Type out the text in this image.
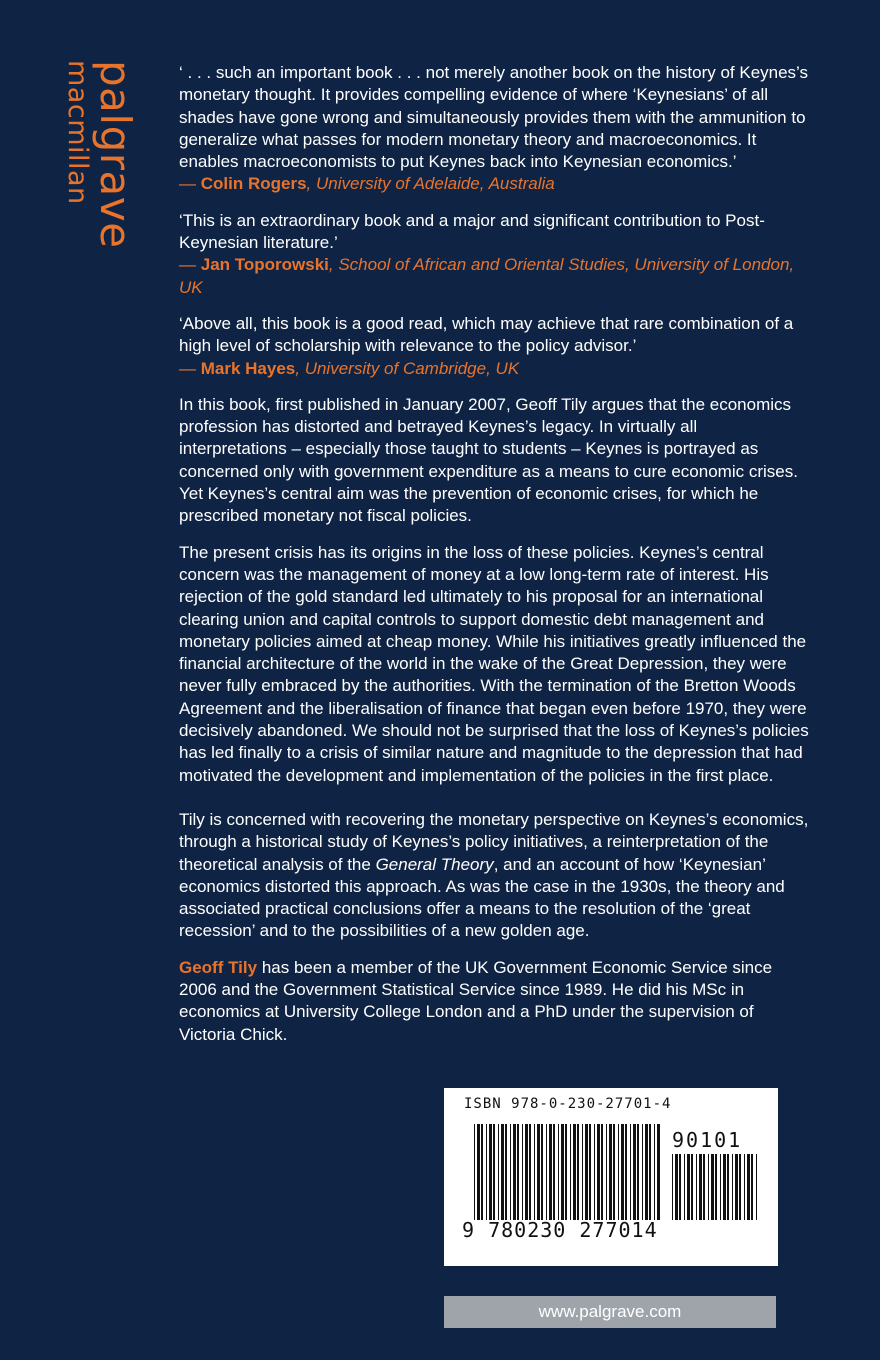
palgrave
macmillan	‘ . . . such an important book . . . not merely another book on the history of Keynes’s monetary thought. It provides compelling evidence of where ‘Keynesians’ of all shades have gone wrong and simultaneously provides them with the ammunition to generalize what passes for modern monetary theory and macroeconomics. It enables macroeconomists to put Keynes back into Keynesian economics.’
— Colin Rogers, University of Adelaide, Australia
‘This is an extraordinary book and a major and significant contribution to Post-Keynesian literature.’
— Jan Toporowski, School of African and Oriental Studies, University of London, UK
‘Above all, this book is a good read, which may achieve that rare combination of a high level of scholarship with relevance to the policy advisor.’
— Mark Hayes, University of Cambridge, UK

In this book, first published in January 2007, Geoff Tily argues that the economics profession has distorted and betrayed Keynes’s legacy. In virtually all interpretations – especially those taught to students – Keynes is portrayed as concerned only with government expenditure as a means to cure economic crises. Yet Keynes’s central aim was the prevention of economic crises, for which he prescribed monetary not fiscal policies.

The present crisis has its origins in the loss of these policies. Keynes’s central concern was the management of money at a low long-term rate of interest. His rejection of the gold standard led ultimately to his proposal for an international clearing union and capital controls to support domestic debt management and monetary policies aimed at cheap money. While his initiatives greatly influenced the financial architecture of the world in the wake of the Great Depression, they were never fully embraced by the authorities. With the termination of the Bretton Woods Agreement and the liberalisation of finance that began even before 1970, they were decisively abandoned. We should not be surprised that the loss of Keynes’s policies has led finally to a crisis of similar nature and magnitude to the depression that had motivated the development and implementation of the policies in the first place.

Tily is concerned with recovering the monetary perspective on Keynes’s economics, through a historical study of Keynes’s policy initiatives, a reinterpretation of the theoretical analysis of the General Theory, and an account of how ‘Keynesian’ economics distorted this approach. As was the case in the 1930s, the theory and associated practical conclusions offer a means to the resolution of the ‘great recession’ and to the possibilities of a new golden age.

Geoff Tily has been a member of the UK Government Economic Service since 2006 and the Government Statistical Service since 1989. He did his MSc in economics at University College London and a PhD under the supervision of Victoria Chick.

ISBN 978-0-230-27701-4
90101
9 780230 277014
www.palgrave.com
